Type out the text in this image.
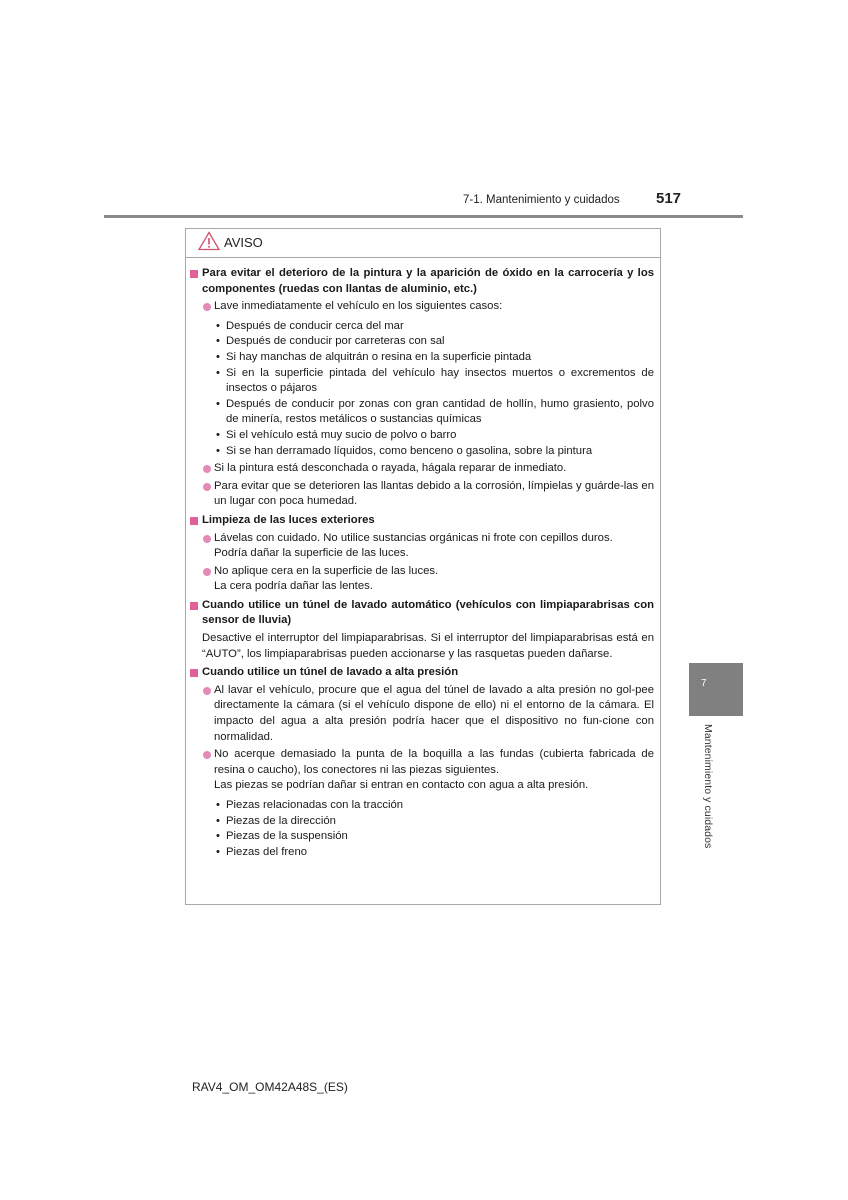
7-1. Mantenimiento y cuidados 517
7
Mantenimiento y cuidados
AVISO
Para evitar el deterioro de la pintura y la aparición de óxido en la carrocería y los componentes (ruedas con llantas de aluminio, etc.)
Lave inmediatamente el vehículo en los siguientes casos:
• Después de conducir cerca del mar
• Después de conducir por carreteras con sal
• Si hay manchas de alquitrán o resina en la superficie pintada
• Si en la superficie pintada del vehículo hay insectos muertos o excrementos de insectos o pájaros
• Después de conducir por zonas con gran cantidad de hollín, humo grasiento, polvo de minería, restos metálicos o sustancias químicas
• Si el vehículo está muy sucio de polvo o barro
• Si se han derramado líquidos, como benceno o gasolina, sobre la pintura
Si la pintura está desconchada o rayada, hágala reparar de inmediato.
Para evitar que se deterioren las llantas debido a la corrosión, límpielas y guárde-las en un lugar con poca humedad.
Limpieza de las luces exteriores
Lávelas con cuidado. No utilice sustancias orgánicas ni frote con cepillos duros.
Podría dañar la superficie de las luces.
No aplique cera en la superficie de las luces.
La cera podría dañar las lentes.
Cuando utilice un túnel de lavado automático (vehículos con limpiaparabrisas con sensor de lluvia)
Desactive el interruptor del limpiaparabrisas. Si el interruptor del limpiaparabrisas está en “AUTO”, los limpiaparabrisas pueden accionarse y las rasquetas pueden dañarse.
Cuando utilice un túnel de lavado a alta presión
Al lavar el vehículo, procure que el agua del túnel de lavado a alta presión no gol-pee directamente la cámara (si el vehículo dispone de ello) ni el entorno de la cámara. El impacto del agua a alta presión podría hacer que el dispositivo no fun-cione con normalidad.
No acerque demasiado la punta de la boquilla a las fundas (cubierta fabricada de resina o caucho), los conectores ni las piezas siguientes.
Las piezas se podrían dañar si entran en contacto con agua a alta presión.
• Piezas relacionadas con la tracción
• Piezas de la dirección
• Piezas de la suspensión
• Piezas del freno
RAV4_OM_OM42A48S_(ES)
